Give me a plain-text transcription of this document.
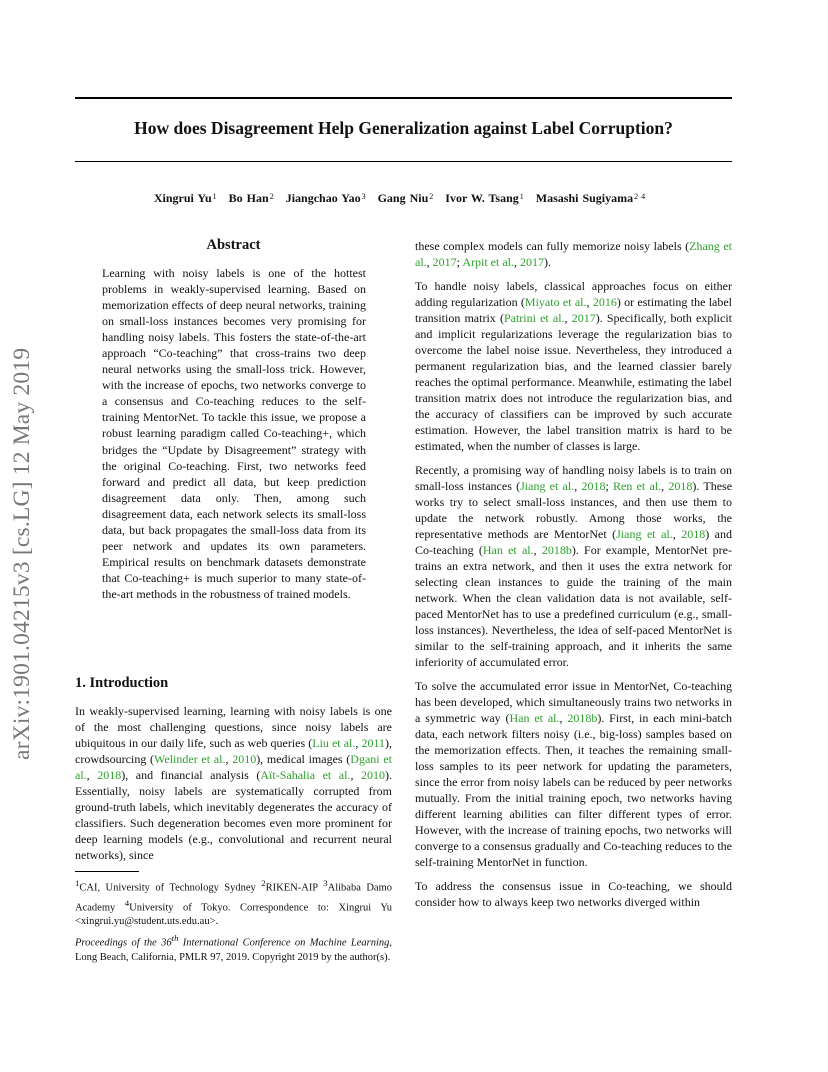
How does Disagreement Help Generalization against Label Corruption?
Xingrui Yu$^1$ Bo Han$^2$ Jiangchao Yao$^3$ Gang Niu$^2$ Ivor W. Tsang$^1$ Masashi Sugiyama$^{2 4}$
arXiv:1901.04215v3 [cs.LG] 12 May 2019
Abstract
Learning with noisy labels is one of the hottest problems in weakly-supervised learning. Based on memorization effects of deep neural networks, training on small-loss instances becomes very promising for handling noisy labels. This fosters the state-of-the-art approach “Co-teaching” that cross-trains two deep neural networks using the small-loss trick. However, with the increase of epochs, two networks converge to a consensus and Co-teaching reduces to the self-training MentorNet. To tackle this issue, we propose a robust learning paradigm called Co-teaching+, which bridges the “Update by Disagreement” strategy with the original Co-teaching. First, two networks feed forward and predict all data, but keep prediction disagreement data only. Then, among such disagreement data, each network selects its small-loss data, but back propagates the small-loss data from its peer network and updates its own parameters. Empirical results on benchmark datasets demonstrate that Co-teaching+ is much superior to many state-of-the-art methods in the robustness of trained models.
1. Introduction
In weakly-supervised learning, learning with noisy labels is one of the most challenging questions, since noisy labels are ubiquitous in our daily life, such as web queries (Liu et al., 2011), crowdsourcing (Welinder et al., 2010), medical images (Dgani et al., 2018), and financial analysis (Aït-Sahalia et al., 2010). Essentially, noisy labels are systematically corrupted from ground-truth labels, which inevitably degenerates the accuracy of classifiers. Such degeneration becomes even more prominent for deep learning models (e.g., convolutional and recurrent neural networks), since
$^1$CAI, University of Technology Sydney $^2$RIKEN-AIP $^3$Alibaba Damo Academy $^4$University of Tokyo. Correspondence to: Xingrui Yu <xingrui.yu@student.uts.edu.au>.
Proceedings of the 36th International Conference on Machine Learning, Long Beach, California, PMLR 97, 2019. Copyright 2019 by the author(s).

these complex models can fully memorize noisy labels (Zhang et al., 2017; Arpit et al., 2017).

To handle noisy labels, classical approaches focus on either adding regularization (Miyato et al., 2016) or estimating the label transition matrix (Patrini et al., 2017). Specifically, both explicit and implicit regularizations leverage the regularization bias to overcome the label noise issue. Nevertheless, they introduced a permanent regularization bias, and the learned classier barely reaches the optimal performance. Meanwhile, estimating the label transition matrix does not introduce the regularization bias, and the accuracy of classifiers can be improved by such accurate estimation. However, the label transition matrix is hard to be estimated, when the number of classes is large.

Recently, a promising way of handling noisy labels is to train on small-loss instances (Jiang et al., 2018; Ren et al., 2018). These works try to select small-loss instances, and then use them to update the network robustly. Among those works, the representative methods are MentorNet (Jiang et al., 2018) and Co-teaching (Han et al., 2018b). For example, MentorNet pre-trains an extra network, and then it uses the extra network for selecting clean instances to guide the training of the main network. When the clean validation data is not available, self-paced MentorNet has to use a predefined curriculum (e.g., small-loss instances). Nevertheless, the idea of self-paced MentorNet is similar to the self-training approach, and it inherits the same inferiority of accumulated error.

To solve the accumulated error issue in MentorNet, Co-teaching has been developed, which simultaneously trains two networks in a symmetric way (Han et al., 2018b). First, in each mini-batch data, each network filters noisy (i.e., big-loss) samples based on the memorization effects. Then, it teaches the remaining small-loss samples to its peer network for updating the parameters, since the error from noisy labels can be reduced by peer networks mutually. From the initial training epoch, two networks having different learning abilities can filter different types of error. However, with the increase of training epochs, two networks will converge to a consensus gradually and Co-teaching reduces to the self-training MentorNet in function.

To address the consensus issue in Co-teaching, we should consider how to always keep two networks diverged within
